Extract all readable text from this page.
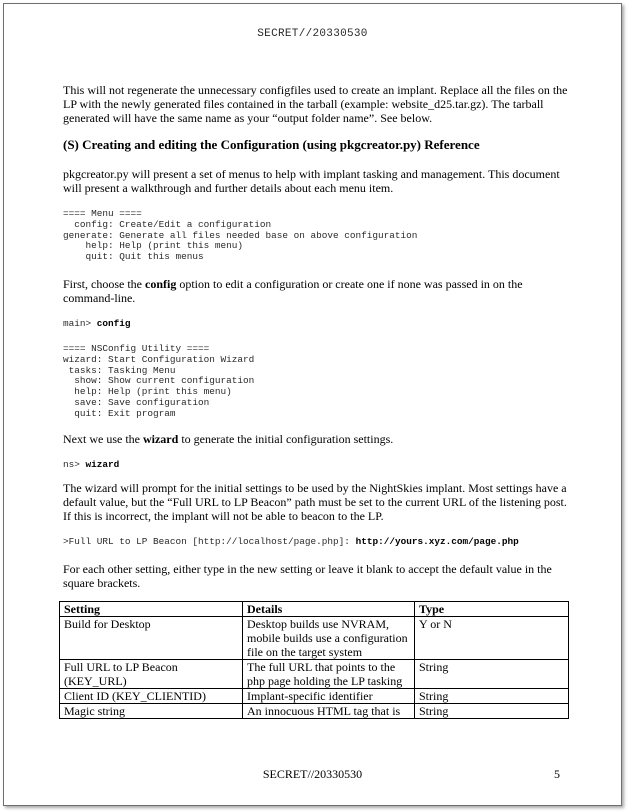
SECRET//20330530

This will not regenerate the unnecessary configfiles used to create an implant. Replace all the files on the LP with the newly generated files contained in the tarball (example: website_d25.tar.gz). The tarball generated will have the same name as your “output folder name”. See below.

(S) Creating and editing the Configuration (using pkgcreator.py) Reference

pkgcreator.py will present a set of menus to help with implant tasking and management. This document will present a walkthrough and further details about each menu item.

==== Menu ====
config: Create/Edit a configuration
generate: Generate all files needed base on above configuration
help: Help (print this menu)
quit: Quit this menus

First, choose the config option to edit a configuration or create one if none was passed in on the command-line.

main> config
==== NSConfig Utility ====
wizard: Start Configuration Wizard
tasks: Tasking Menu
show: Show current configuration
help: Help (print this menu)
save: Save configuration
quit: Exit program

Next we use the wizard to generate the initial configuration settings.

ns> wizard

The wizard will prompt for the initial settings to be used by the NightSkies implant. Most settings have a default value, but the “Full URL to LP Beacon” path must be set to the current URL of the listening post. If this is incorrect, the implant will not be able to beacon to the LP.

>Full URL to LP Beacon [http://localhost/page.php]: http://yours.xyz.com/page.php

For each other setting, either type in the new setting or leave it blank to accept the default value in the square brackets.

Setting	Details	Type
Build for Desktop	Desktop builds use NVRAM, mobile builds use a configuration file on the target system	Y or N
Full URL to LP Beacon (KEY_URL)	The full URL that points to the php page holding the LP tasking	String
Client ID (KEY_CLIENTID)	Implant-specific identifier	String
Magic string	An innocuous HTML tag that is	String
SECRET//20330530	5
